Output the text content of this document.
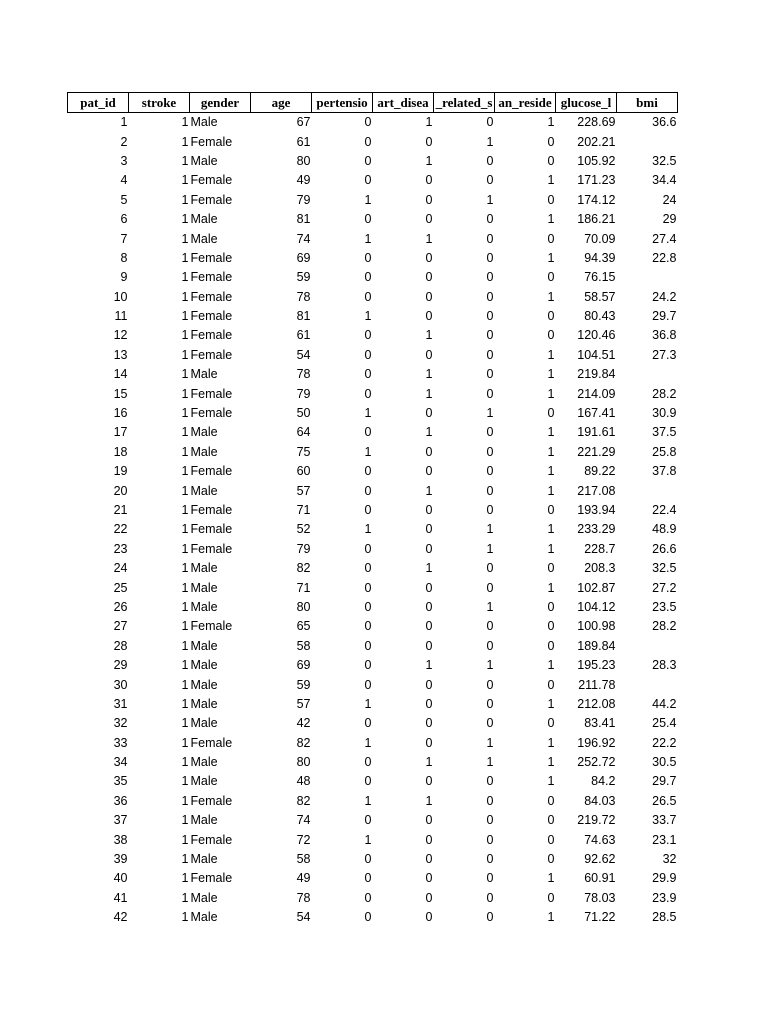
pat_id	stroke	gender	age	pertensio	art_disea	_related_s	an_reside	glucose_l	bmi
1	1	Male	67	0	1	0	1	228.69	36.6
2	1	Female	61	0	0	1	0	202.21	
3	1	Male	80	0	1	0	0	105.92	32.5
4	1	Female	49	0	0	0	1	171.23	34.4
5	1	Female	79	1	0	1	0	174.12	24
6	1	Male	81	0	0	0	1	186.21	29
7	1	Male	74	1	1	0	0	70.09	27.4
8	1	Female	69	0	0	0	1	94.39	22.8
9	1	Female	59	0	0	0	0	76.15	
10	1	Female	78	0	0	0	1	58.57	24.2
11	1	Female	81	1	0	0	0	80.43	29.7
12	1	Female	61	0	1	0	0	120.46	36.8
13	1	Female	54	0	0	0	1	104.51	27.3
14	1	Male	78	0	1	0	1	219.84	
15	1	Female	79	0	1	0	1	214.09	28.2
16	1	Female	50	1	0	1	0	167.41	30.9
17	1	Male	64	0	1	0	1	191.61	37.5
18	1	Male	75	1	0	0	1	221.29	25.8
19	1	Female	60	0	0	0	1	89.22	37.8
20	1	Male	57	0	1	0	1	217.08	
21	1	Female	71	0	0	0	0	193.94	22.4
22	1	Female	52	1	0	1	1	233.29	48.9
23	1	Female	79	0	0	1	1	228.7	26.6
24	1	Male	82	0	1	0	0	208.3	32.5
25	1	Male	71	0	0	0	1	102.87	27.2
26	1	Male	80	0	0	1	0	104.12	23.5
27	1	Female	65	0	0	0	0	100.98	28.2
28	1	Male	58	0	0	0	0	189.84	
29	1	Male	69	0	1	1	1	195.23	28.3
30	1	Male	59	0	0	0	0	211.78	
31	1	Male	57	1	0	0	1	212.08	44.2
32	1	Male	42	0	0	0	0	83.41	25.4
33	1	Female	82	1	0	1	1	196.92	22.2
34	1	Male	80	0	1	1	1	252.72	30.5
35	1	Male	48	0	0	0	1	84.2	29.7
36	1	Female	82	1	1	0	0	84.03	26.5
37	1	Male	74	0	0	0	0	219.72	33.7
38	1	Female	72	1	0	0	0	74.63	23.1
39	1	Male	58	0	0	0	0	92.62	32
40	1	Female	49	0	0	0	1	60.91	29.9
41	1	Male	78	0	0	0	0	78.03	23.9
42	1	Male	54	0	0	0	1	71.22	28.5
